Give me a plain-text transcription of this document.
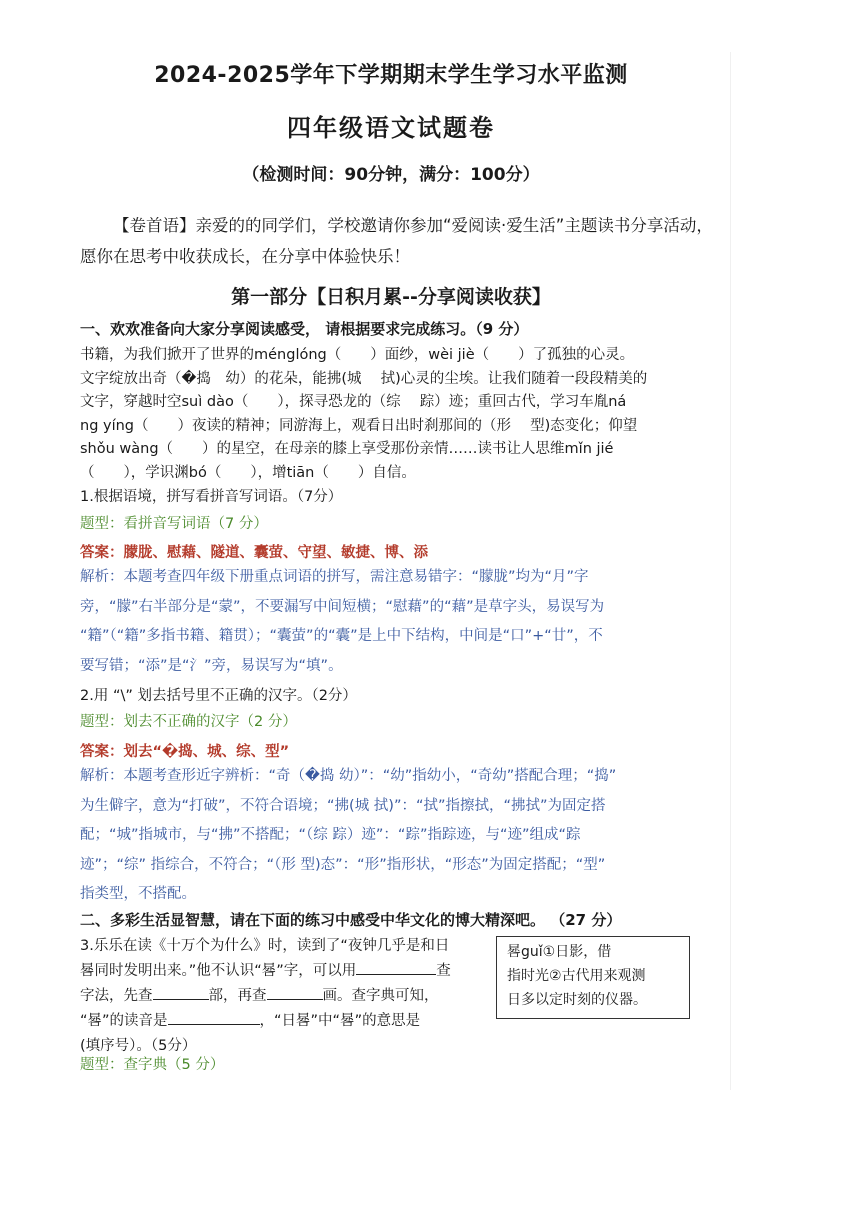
2024-2025学年下学期期末学生学习水平监测
四年级语文试题卷
（检测时间：90分钟，满分：100分）
【卷首语】亲爱的的同学们，学校邀请你参加“爱阅读·爱生活”主题读书分享活动，愿你在思考中收获成长，在分享中体验快乐！
第一部分【日积月累--分享阅读收获】
一、欢欢准备向大家分享阅读感受， 请根据要求完成练习。（9 分）
书籍，为我们掀开了世界的ménglóng（　　）面纱，wèi jiè（　　）了孤独的心灵。
文字绽放出奇（�捣　幼）的花朵，能拂(城　 拭)心灵的尘埃。让我们随着一段段精美的
文字，穿越时空suì dào（　　），探寻恐龙的（综　 踪）迹；重回古代，学习车胤ná
ng yíng（　　）夜读的精神；同游海上，观看日出时刹那间的（形　 型)态变化；仰望
shǒu wàng（　　）的星空，在母亲的膝上享受那份亲情……读书让人思维mǐn jié
（　　），学识渊bó（　　），增tiān（　　）自信。
1.根据语境，拼写看拼音写词语。（7分）
题型：看拼音写词语（7 分）
答案：朦胧、慰藉、隧道、囊萤、守望、敏捷、博、添
解析：本题考查四年级下册重点词语的拼写，需注意易错字：“朦胧”均为“月”字
旁，“朦”右半部分是“蒙”，不要漏写中间短横；“慰藉”的“藉”是草字头，易误写为
“籍”（“籍”多指书籍、籍贯）；“囊萤”的“囊”是上中下结构，中间是“口”+“廿”，不
要写错；“添”是“氵”旁，易误写为“填”。
2.用 “\” 划去括号里不正确的汉字。（2分）
题型：划去不正确的汉字（2 分）
答案：划去“�捣、城、综、型”
解析：本题考查形近字辨析：“奇（�捣 幼）”：“幼”指幼小，“奇幼”搭配合理；“捣”
为生僻字，意为“打破”，不符合语境；“拂(城 拭)”：“拭”指擦拭，“拂拭”为固定搭
配；“城”指城市，与“拂”不搭配；“（综 踪）迹”：“踪”指踪迹，与“迹”组成“踪
迹”；“综” 指综合，不符合；“（形 型)态”：“形”指形状，“形态”为固定搭配；“型”
指类型，不搭配。
二、多彩生活显智慧，请在下面的练习中感受中华文化的博大精深吧。 （27 分）
3.乐乐在读《十万个为什么》时，读到了“夜钟几乎是和日
晷同时发明出来。”他不认识“晷”字，可以用	查
字法，先查	部，再查	画。查字典可知，
“晷”的读音是	，“日晷”中“晷”的意思是
(填序号）。（5分）
晷guǐ①日影，借
指时光②古代用来观测
日多以定时刻的仪器。
题型：查字典（5 分）
